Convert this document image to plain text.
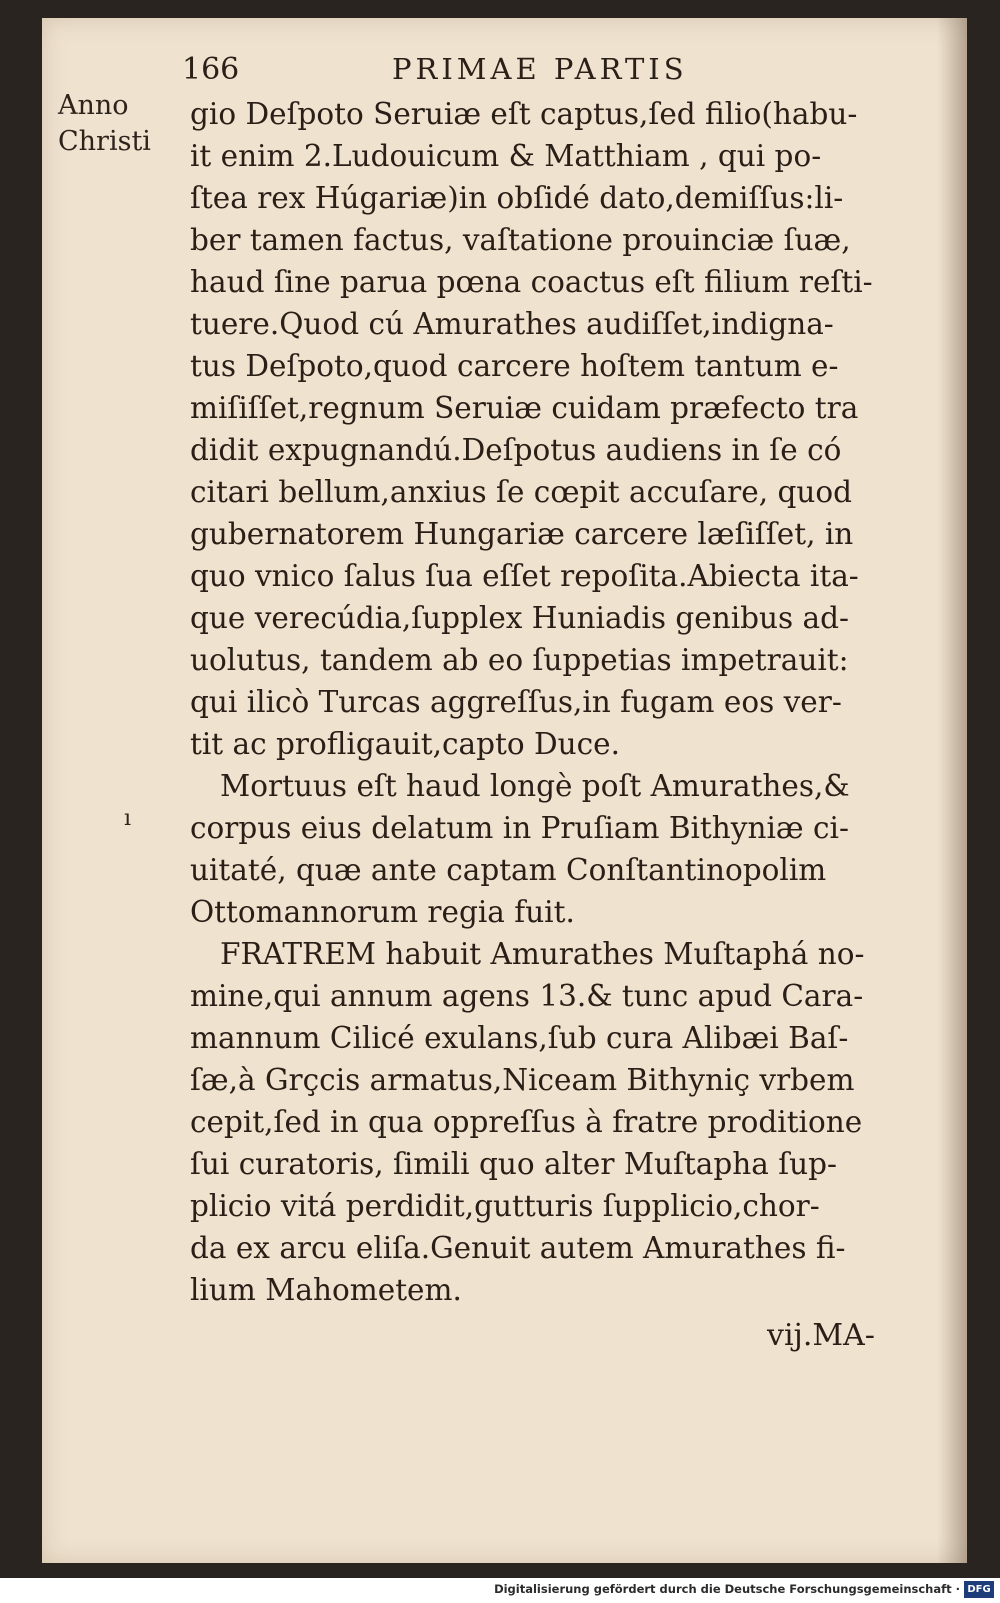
166	PRIMAE PARTIS
Anno
Christi
ı
gio Deſpoto Seruiæ eſt captus,ſed filio(habu-
it enim 2.Ludouicum & Matthiam , qui po-
ſtea rex Húgariæ)in obſidé dato,demiſſus:li-
ber tamen factus, vaſtatione prouinciæ ſuæ,
haud ſine parua pœna coactus eſt filium reſti-
tuere.Quod cú Amurathes audiſſet,indigna-
tus Deſpoto,quod carcere hoſtem tantum e-
miſiſſet,regnum Seruiæ cuidam præfecto tra
didit expugnandú.Deſpotus audiens in ſe có
citari bellum,anxius ſe cœpit accuſare, quod
gubernatorem Hungariæ carcere læſiſſet, in
quo vnico ſalus ſua eſſet repoſita.Abiecta ita-
que verecúdia,ſupplex Huniadis genibus ad-
uolutus, tandem ab eo ſuppetias impetrauit:
qui ilicò Turcas aggreſſus,in fugam eos ver-
tit ac profligauit,capto Duce.
Mortuus eſt haud longè poſt Amurathes,&
corpus eius delatum in Pruſiam Bithyniæ ci-
uitaté, quæ ante captam Conſtantinopolim
Ottomannorum regia fuit.
FRATREM habuit Amurathes Muſtaphá no-
mine,qui annum agens 13.& tunc apud Cara-
mannum Cilicé exulans,ſub cura Alibæi Baſ-
ſæ,à Grçcis armatus,Niceam Bithyniç vrbem
cepit,ſed in qua oppreſſus à fratre proditione
ſui curatoris, ſimili quo alter Muſtapha ſup-
plicio vitá perdidit,gutturis ſupplicio,chor-
da ex arcu eliſa.Genuit autem Amurathes fi-
lium Mahometem.
vij.MA-
Digitalisierung gefördert durch die Deutsche Forschungsgemeinschaft · DFG
